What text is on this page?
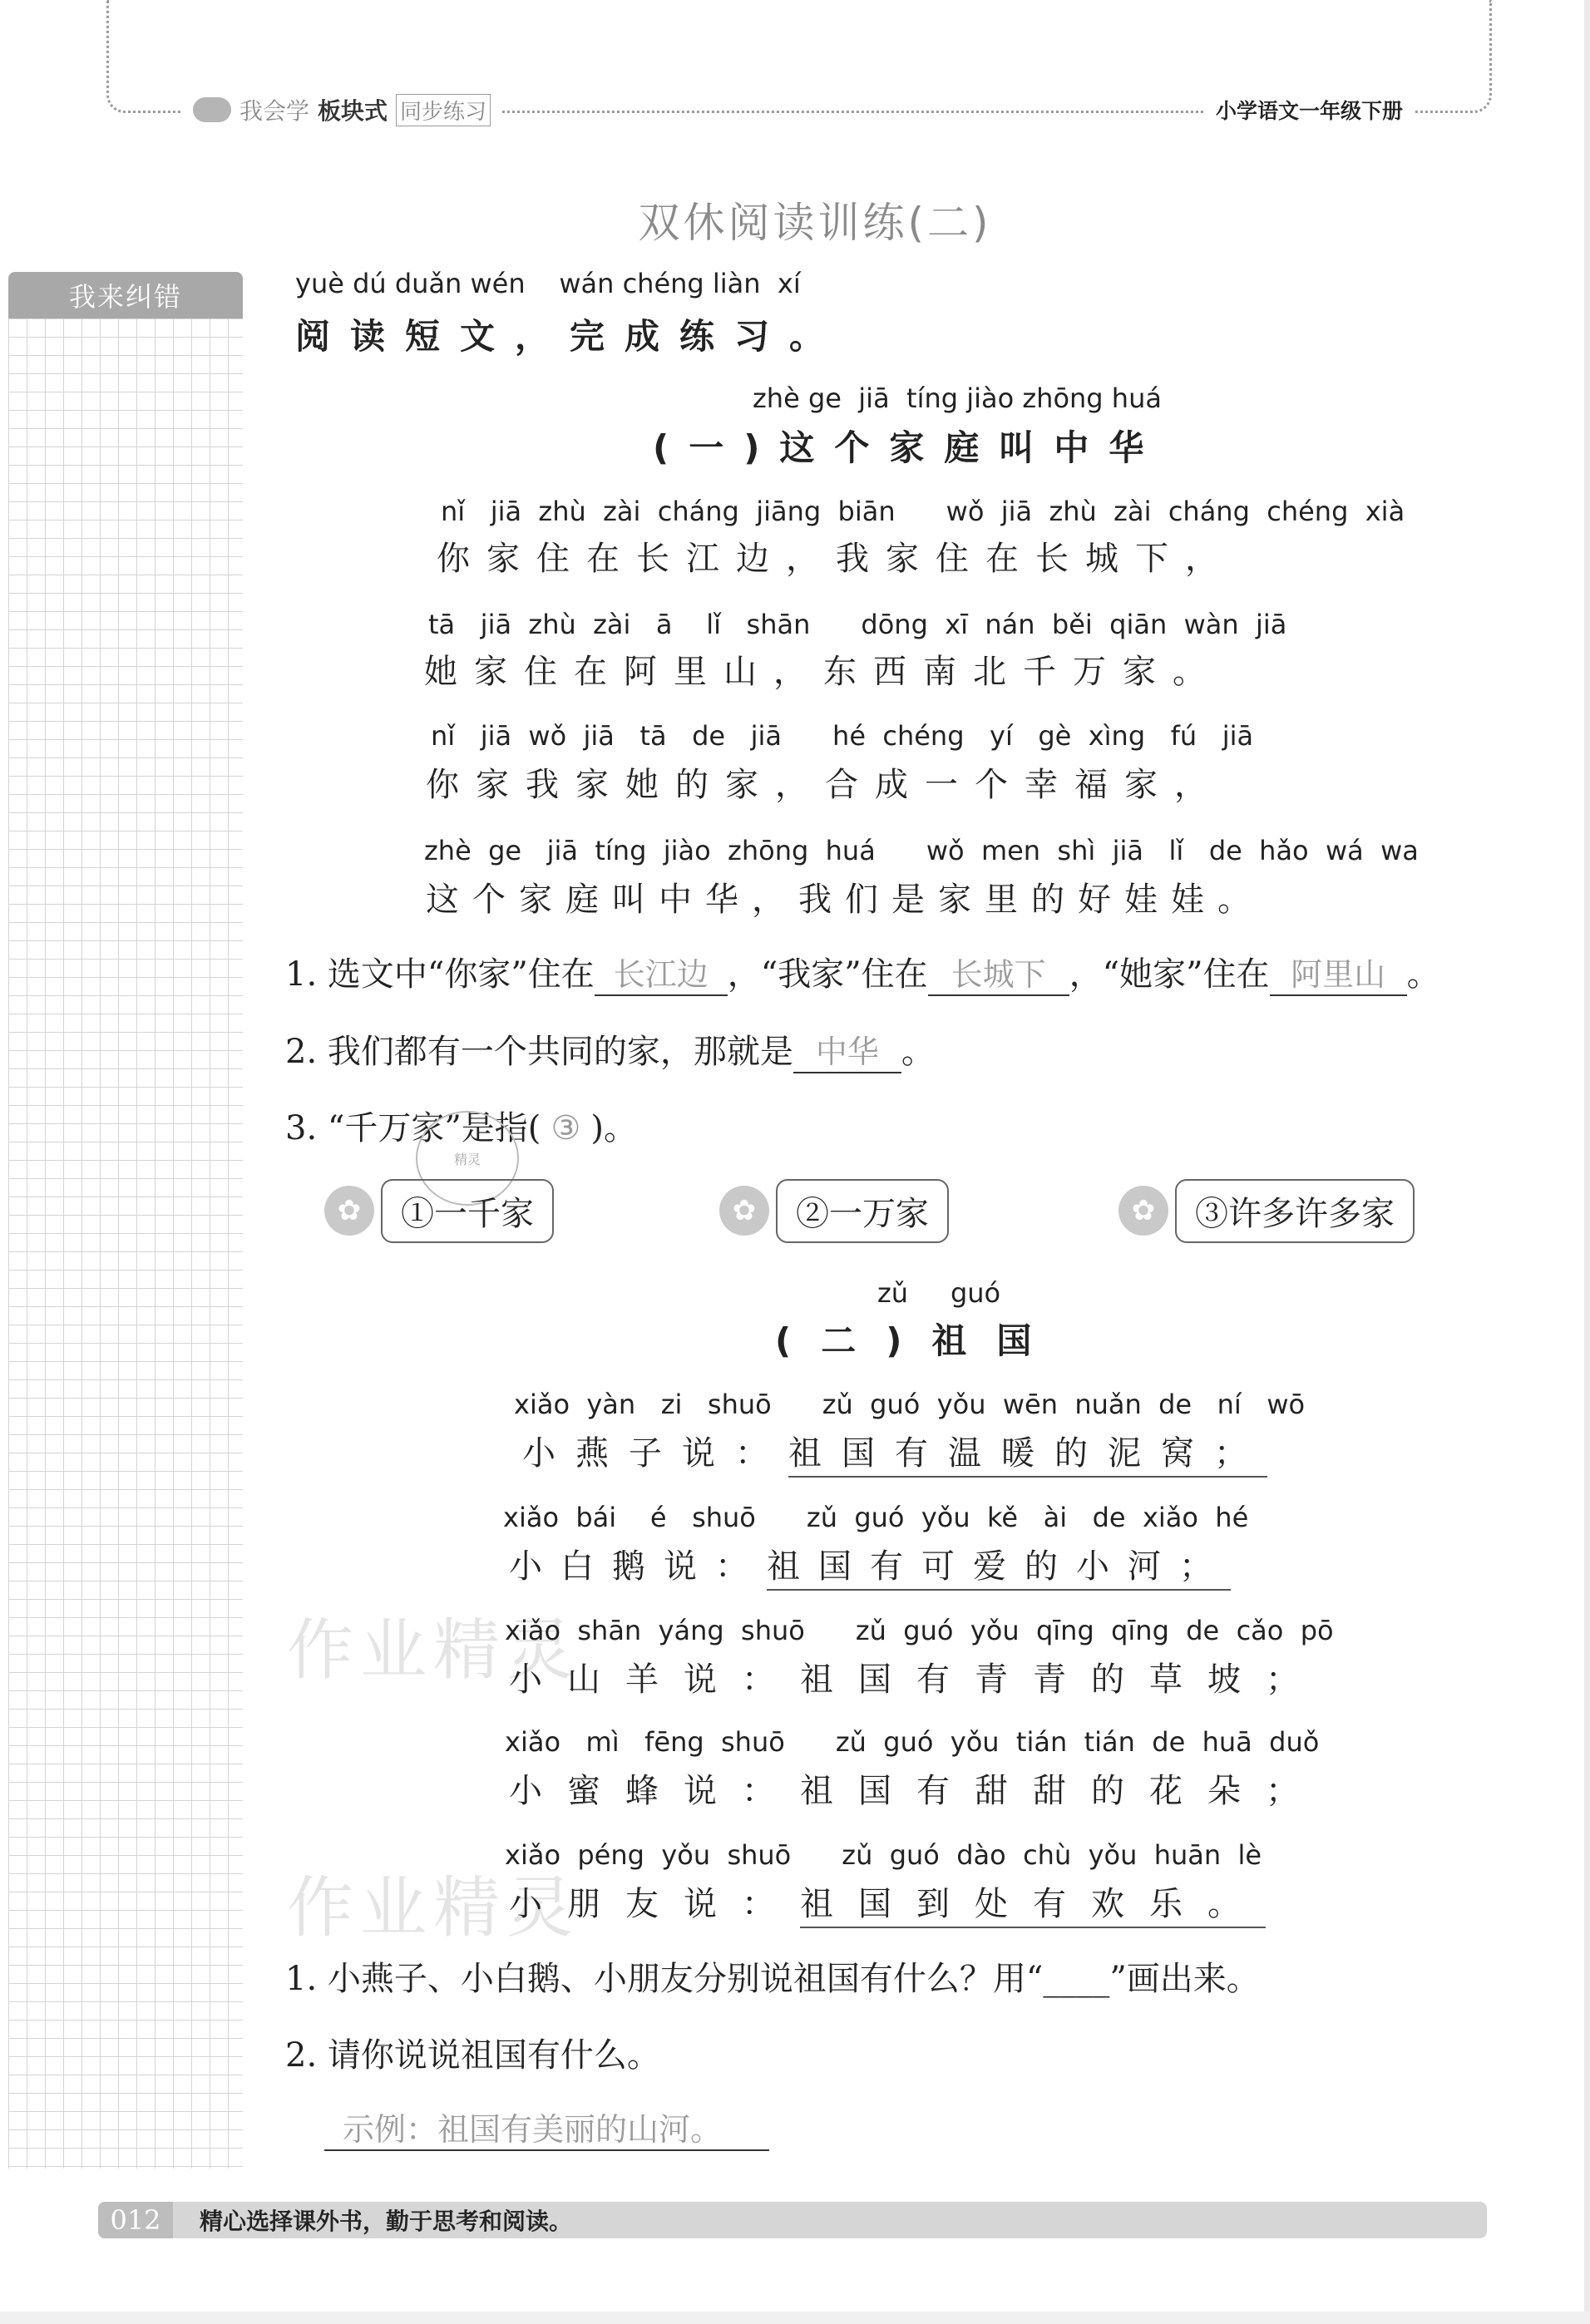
我会学 板块式 同步练习	小学语文一年级下册
我来纠错
作业精灵
作业精灵
双休阅读训练(二)
yuè dú duǎn wén    wán chéng liàn  xí
阅读短文，完成练习。
zhè ge  jiā  tíng jiào zhōng huá
(一)这个家庭叫中华
nǐ   jiā  zhù  zài  cháng  jiāng  biān      wǒ  jiā  zhù  zài  cháng  chéng  xià
你家住在长江边，我家住在长城下，
tā   jiā  zhù  zài   ā    lǐ   shān      dōng  xī  nán  běi  qiān  wàn  jiā
她家住在阿里山，东西南北千万家。
nǐ   jiā  wǒ  jiā   tā   de   jiā      hé  chéng   yí   gè  xìng   fú   jiā
你家我家她的家，合成一个幸福家，
zhè  ge   jiā  tíng  jiào  zhōng  huá      wǒ  men  shì  jiā   lǐ   de  hǎo  wá  wa
这个家庭叫中华，我们是家里的好娃娃。
1. 选文中“你家”住在 长江边 ，“我家”住在 长城下 ，“她家”住在 阿里山 。
2. 我们都有一个共同的家，那就是 中华 。
3. “千万家”是指( ③ )。
精灵
✿	①一千家	✿	②一万家	✿	③许多许多家
zǔ     guó
(二)祖国
xiǎo  yàn   zi   shuō      zǔ  guó  yǒu  wēn  nuǎn  de   ní   wō
小燕子说：祖国有温暖的泥窝；
xiǎo  bái    é   shuō      zǔ  guó  yǒu  kě   ài   de  xiǎo  hé
小白鹅说：祖国有可爱的小河；
xiǎo  shān  yáng  shuō      zǔ  guó  yǒu  qīng  qīng  de  cǎo  pō
小山羊说：祖国有青青的草坡；
xiǎo   mì   fēng  shuō      zǔ  guó  yǒu  tián  tián  de  huā  duǒ
小蜜蜂说：祖国有甜甜的花朵；
xiǎo  péng  yǒu  shuō      zǔ  guó  dào  chù  yǒu  huān  lè
小朋友说：祖国到处有欢乐。
1. 小燕子、小白鹅、小朋友分别说祖国有什么？用“____”画出来。
2. 请你说说祖国有什么。
示例：祖国有美丽的山河。
012	精心选择课外书，勤于思考和阅读。
